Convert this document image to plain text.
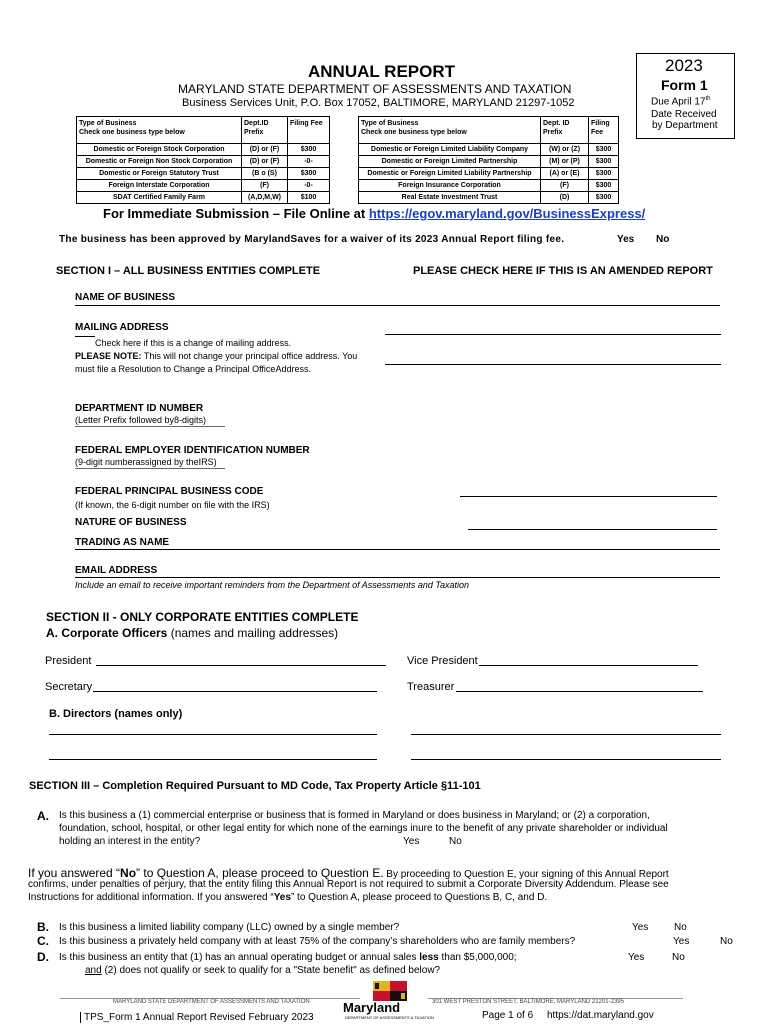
ANNUAL REPORT
MARYLAND STATE DEPARTMENT OF ASSESSMENTS AND TAXATION
Business Services Unit, P.O. Box 17052, BALTIMORE, MARYLAND 21297-1052
2023
Form 1
Due April 17th
Date Received
by Department
Type of Business
Check one business type below	Dept.ID Prefix	Filing Fee
Domestic or Foreign Stock Corporation	(D) or (F)	$300
Domestic or Foreign Non Stock Corporation	(D) or (F)	-0-
Domestic or Foreign Statutory Trust	(B o (S)	$300
Foreign Interstate Corporation	(F)	-0-
SDAT Certified Family Farm	(A,D,M,W)	$100
Type of Business
Check one business type below	Dept. ID Prefix	Filing Fee
Domestic or Foreign Limited Liability Company	(W) or (Z)	$300
Domestic or Foreign Limited Partnership	(M) or (P)	$300
Domestic or Foreign Limited Liability Partnership	(A) or (E)	$300
Foreign Insurance Corporation	(F)	$300
Real Estate Investment Trust	(D)	$300
For Immediate Submission – File Online at https://egov.maryland.gov/BusinessExpress/
The business has been approved by MarylandSaves for a waiver of its 2023 Annual Report filing fee.	Yes No
SECTION I – ALL BUSINESS ENTITIES COMPLETE	PLEASE CHECK HERE IF THIS IS AN AMENDED REPORT
NAME OF BUSINESS
MAILING ADDRESS
Check here if this is a change of mailing address.
PLEASE NOTE: This will not change your principal office address. You
must file a Resolution to Change a Principal OfficeAddress.
DEPARTMENT ID NUMBER
(Letter Prefix followed by8-digits)
FEDERAL EMPLOYER IDENTIFICATION NUMBER
(9-digit numberassigned by theIRS)
FEDERAL PRINCIPAL BUSINESS CODE
(If known, the 6-digit number on file with the IRS)
NATURE OF BUSINESS
TRADING AS NAME
EMAIL ADDRESS
Include an email to receive important reminders from the Department of Assessments and Taxation
SECTION II - ONLY CORPORATE ENTITIES COMPLETE
A. Corporate Officers (names and mailing addresses)
President	Vice President
Secretary	Treasurer
B. Directors (names only)
SECTION III – Completion Required Pursuant to MD Code, Tax Property Article §11-101
A. Is this business a (1) commercial enterprise or business that is formed in Maryland or does business in Maryland; or (2) a corporation,
foundation, school, hospital, or other legal entity for which none of the earnings inure to the benefit of any private shareholder or individual
holding an interest in the entity?	Yes	No
If you answered “No” to Question A, please proceed to Question E. By proceeding to Question E, your signing of this Annual Report
confirms, under penalties of perjury, that the entity filing this Annual Report is not required to submit a Corporate Diversity Addendum. Please see
Instructions for additional information. If you answered “Yes” to Question A, please proceed to Questions B, C, and D.
B. Is this business a limited liability company (LLC) owned by a single member?	Yes	No
C. Is this business a privately held company with at least 75% of the company’s shareholders who are family members?	Yes	No
D. Is this business an entity that (1) has an annual operating budget or annual sales less than $5,000,000;	Yes	No
and (2) does not qualify or seek to qualify for a "State benefit" as defined below?
MARYLAND STATE DEPARTMENT OF ASSESSMENTS AND TAXATION	301 WEST PRESTON STREET, BALTIMORE, MARYLAND 21201-2395
Maryland
DEPARTMENT OF ASSESSMENTS & TAXATION
TPS_Form 1 Annual Report Revised February 2023	Page 1 of 6 https://dat.maryland.gov
